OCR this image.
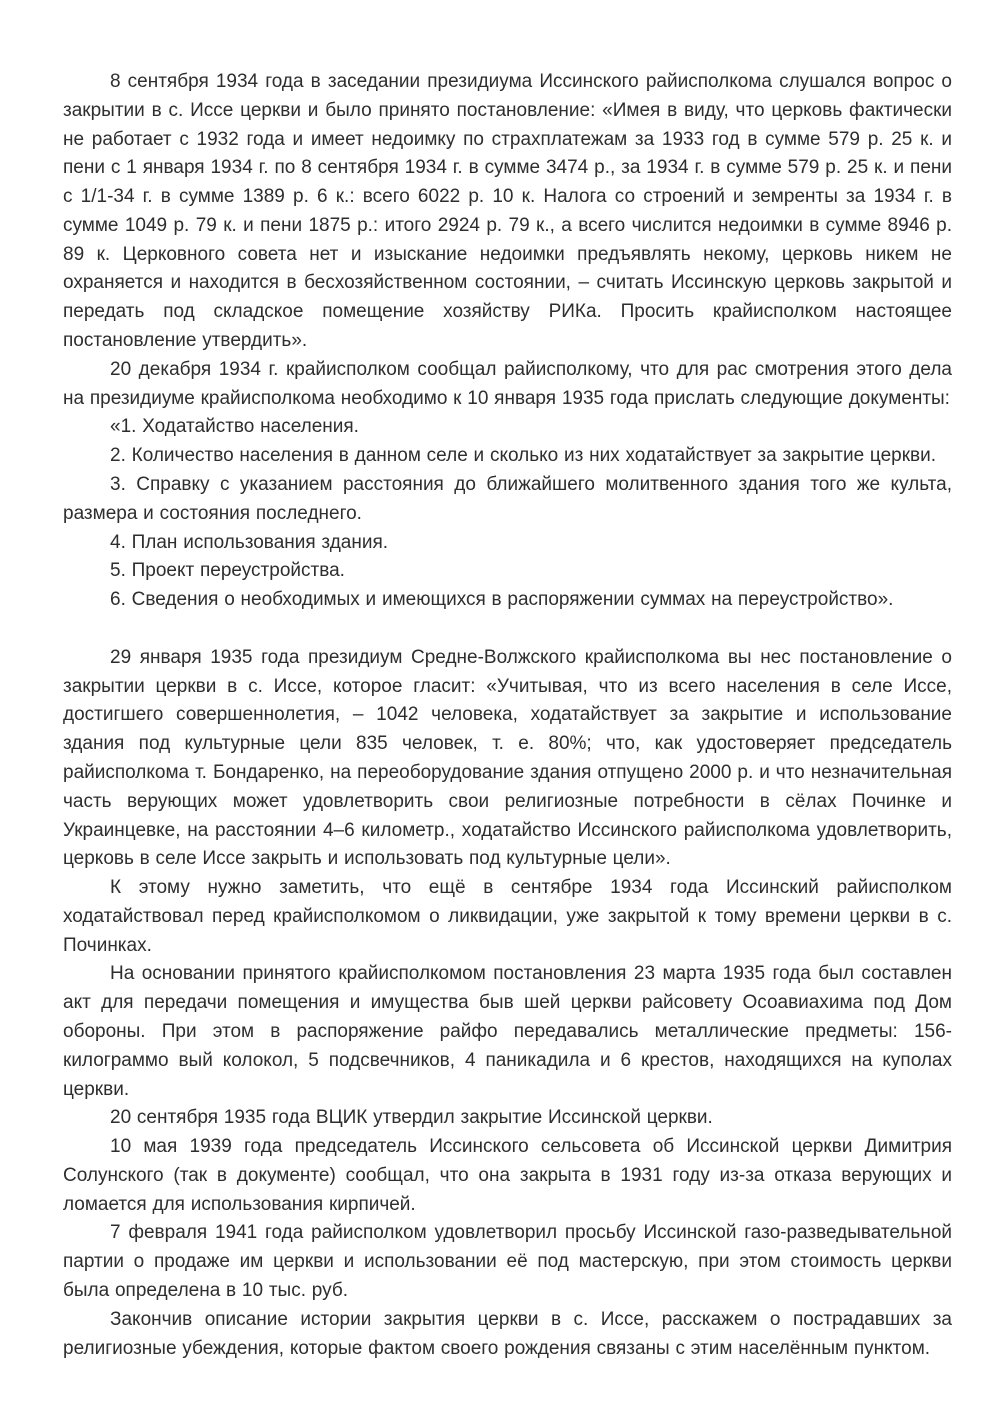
8 сентября 1934 года в заседании президиума Иссинского райисполкома слушался вопрос о закрытии в с. Иссе церкви и было принято постановление: «Имея в виду, что церковь фактически не работает с 1932 года и имеет недоимку по страхплатежам за 1933 год в сумме 579 р. 25 к. и пени с 1 января 1934 г. по 8 сентября 1934 г. в сумме 3474 р., за 1934 г. в сумме 579 р. 25 к. и пени с 1/1-34 г. в сумме 1389 р. 6 к.: всего 6022 р. 10 к. Налога со строений и земренты за 1934 г. в сумме 1049 р. 79 к. и пени 1875 р.: итого 2924 р. 79 к., а всего числится недоимки в сумме 8946 р. 89 к. Церковного совета нет и изыскание недоимки предъявлять некому, церковь никем не охраняется и находится в бесхозяйственном состоянии, – считать Иссинскую церковь закрытой и передать под складское помещение хозяйству РИКа. Просить крайисполком настоящее постановление утвердить».

20 декабря 1934 г. крайисполком сообщал райисполкому, что для рас смотрения этого дела на президиуме крайисполкома необходимо к 10 января 1935 года прислать следующие документы:

«1. Ходатайство населения.

2. Количество населения в данном селе и сколько из них ходатайствует за закрытие церкви.

3. Справку с указанием расстояния до ближайшего молитвенного здания того же культа, размера и состояния последнего.

4. План использования здания.

5. Проект переустройства.

6. Сведения о необходимых и имеющихся в распоряжении суммах на переустройство».

29 января 1935 года президиум Средне-Волжского крайисполкома вы нес постановление о закрытии церкви в с. Иссе, которое гласит: «Учитывая, что из всего населения в селе Иссе, достигшего совершеннолетия, – 1042 человека, ходатайствует за закрытие и использование здания под культурные цели 835 человек, т. е. 80%; что, как удостоверяет председатель райисполкома т. Бондаренко, на переоборудование здания отпущено 2000 р. и что незначительная часть верующих может удовлетворить свои религиозные потребности в сёлах Починке и Украинцевке, на расстоянии 4–6 километр., ходатайство Иссинского райисполкома удовлетворить, церковь в селе Иссе закрыть и использовать под культурные цели».

К этому нужно заметить, что ещё в сентябре 1934 года Иссинский райисполком ходатайствовал перед крайисполкомом о ликвидации, уже закрытой к тому времени церкви в с. Починках.

На основании принятого крайисполкомом постановления 23 марта 1935 года был составлен акт для передачи помещения и имущества быв шей церкви райсовету Осоавиахима под Дом обороны. При этом в распоряжение райфо передавались металлические предметы: 156-килограммо вый колокол, 5 подсвечников, 4 паникадила и 6 крестов, находящихся на куполах церкви.

20 сентября 1935 года ВЦИК утвердил закрытие Иссинской церкви.

10 мая 1939 года председатель Иссинского сельсовета об Иссинской церкви Димитрия Солунского (так в документе) сообщал, что она закрыта в 1931 году из-за отказа верующих и ломается для использования кирпичей.

7 февраля 1941 года райисполком удовлетворил просьбу Иссинской газо-разведывательной партии о продаже им церкви и использовании её под мастерскую, при этом стоимость церкви была определена в 10 тыс. руб.

Закончив описание истории закрытия церкви в с. Иссе, расскажем о пострадавших за религиозные убеждения, которые фактом своего рождения связаны с этим населённым пунктом.
